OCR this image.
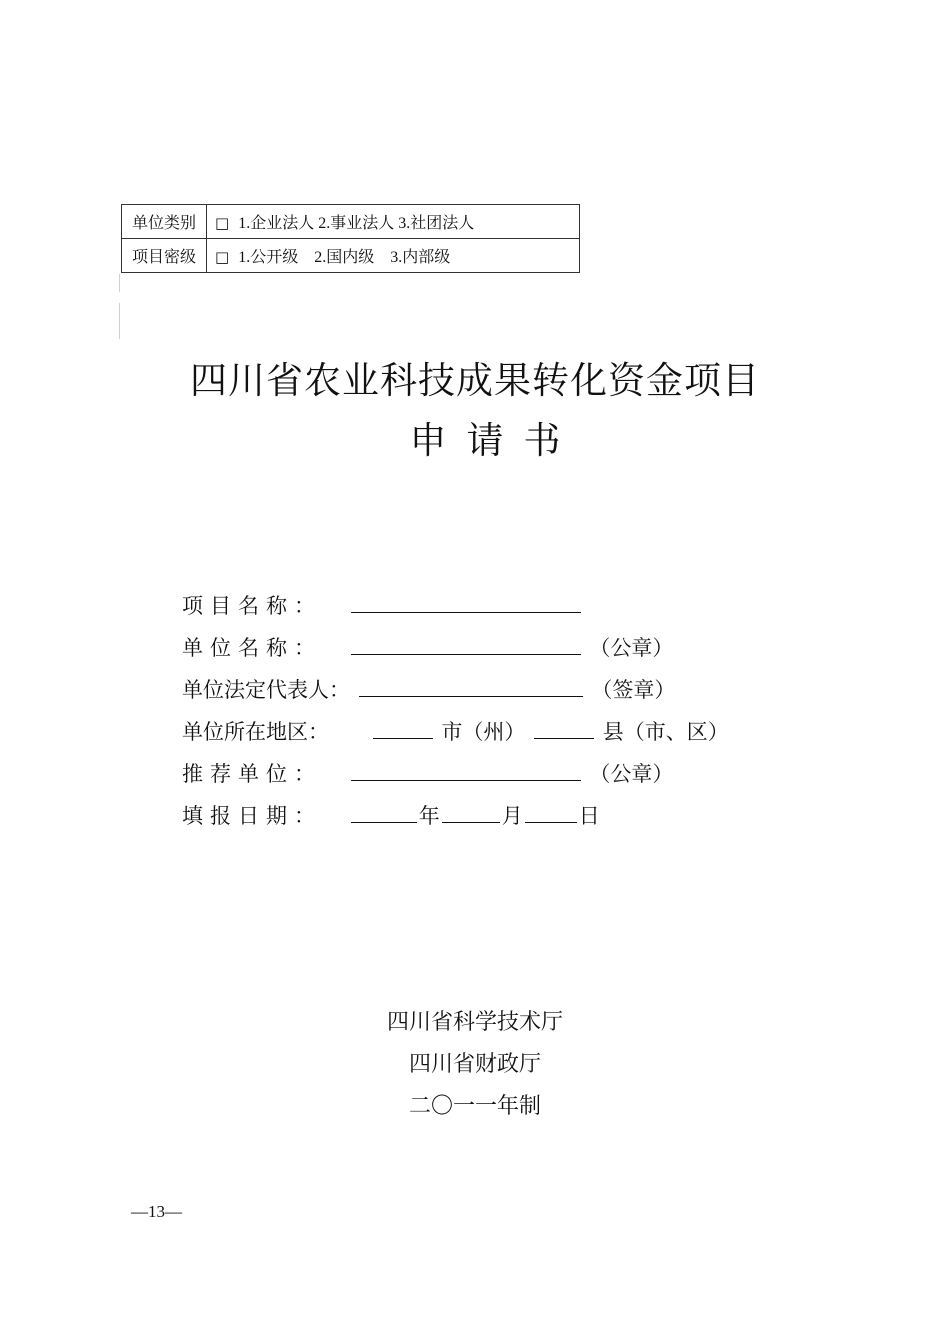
单位类别	□ 1.企业法人 2.事业法人 3.社团法人
项目密级	□ 1.公开级　2.国内级　3.内部级
四川省农业科技成果转化资金项目
申请书
项目名称：
单位名称：	（公章）
单位法定代表人：	（签章）
单位所在地区：	市（州）	县（市、区）
推荐单位：	（公章）
填报日期：	年	月	日
四川省科学技术厅
四川省财政厅
二〇一一年制
—13—
